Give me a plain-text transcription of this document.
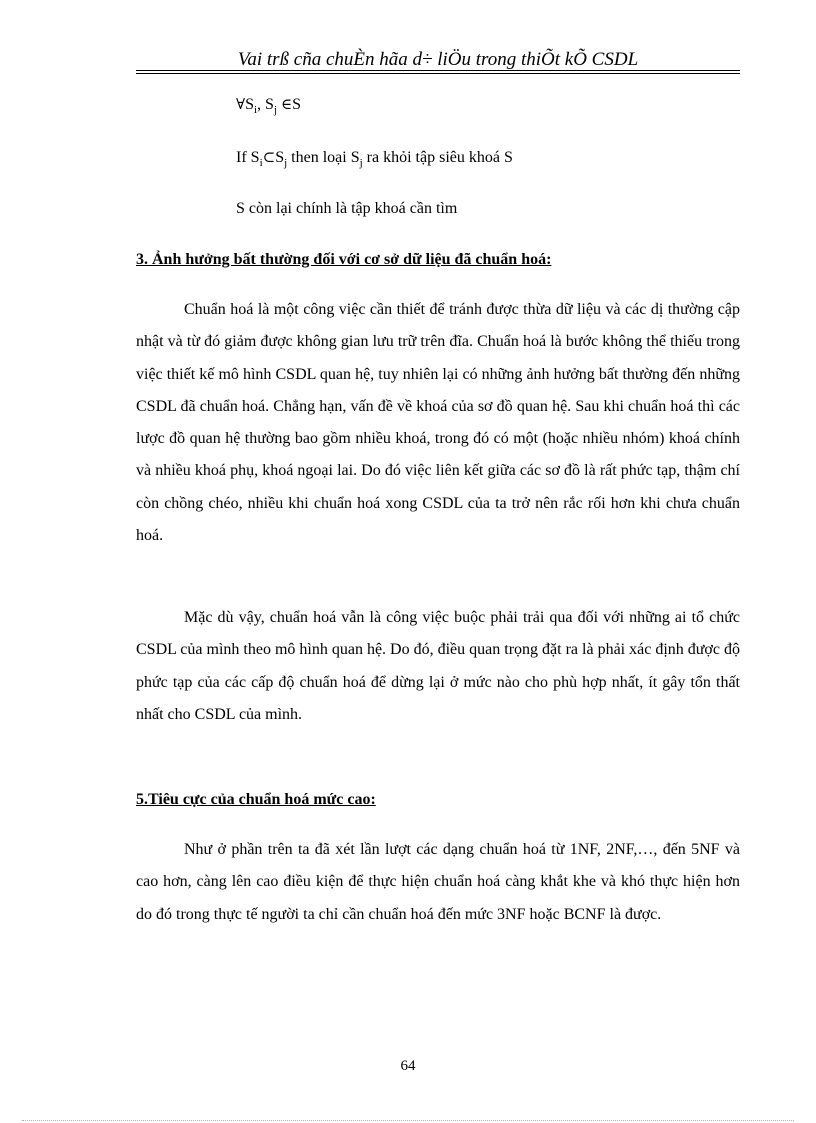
Vai trß cña chuÈn hãa d÷ liÖu trong thiÕt kÕ CSDL
$\forall S_i$, $S_j$ ∈S
If $S_i\subset S_j$ then loại $S_j$ ra khỏi tập siêu khoá S
S còn lại chính là tập khoá cần tìm
3. Ảnh hưởng bất thường đối với cơ sở dữ liệu đã chuẩn hoá:

Chuẩn hoá là một công việc cần thiết để tránh được thừa dữ liệu và các dị thường cập nhật và từ đó giảm được không gian lưu trữ trên đĩa. Chuẩn hoá là bước không thể thiếu trong việc thiết kế mô hình CSDL quan hệ, tuy nhiên lại có những ảnh hưởng bất thường đến những CSDL đã chuẩn hoá. Chẳng hạn, vấn đề về khoá của sơ đồ quan hệ. Sau khi chuẩn hoá thì các lược đồ quan hệ thường bao gồm nhiều khoá, trong đó có một (hoặc nhiều nhóm) khoá chính và nhiều khoá phụ, khoá ngoại lai. Do đó việc liên kết giữa các sơ đồ là rất phức tạp, thậm chí còn chồng chéo, nhiều khi chuẩn hoá xong CSDL của ta trở nên rắc rối hơn khi chưa chuẩn hoá.

Mặc dù vậy, chuẩn hoá vẫn là công việc buộc phải trải qua đối với những ai tổ chức CSDL của mình theo mô hình quan hệ. Do đó, điều quan trọng đặt ra là phải xác định được độ phức tạp của các cấp độ chuẩn hoá để dừng lại ở mức nào cho phù hợp nhất, ít gây tổn thất nhất cho CSDL của mình.

5.Tiêu cực của chuẩn hoá mức cao:

Như ở phần trên ta đã xét lần lượt các dạng chuẩn hoá từ 1NF, 2NF,…, đến 5NF và cao hơn, càng lên cao điều kiện để thực hiện chuẩn hoá càng khắt khe và khó thực hiện hơn do đó trong thực tế người ta chỉ cần chuẩn hoá đến mức 3NF hoặc BCNF là được.

64
